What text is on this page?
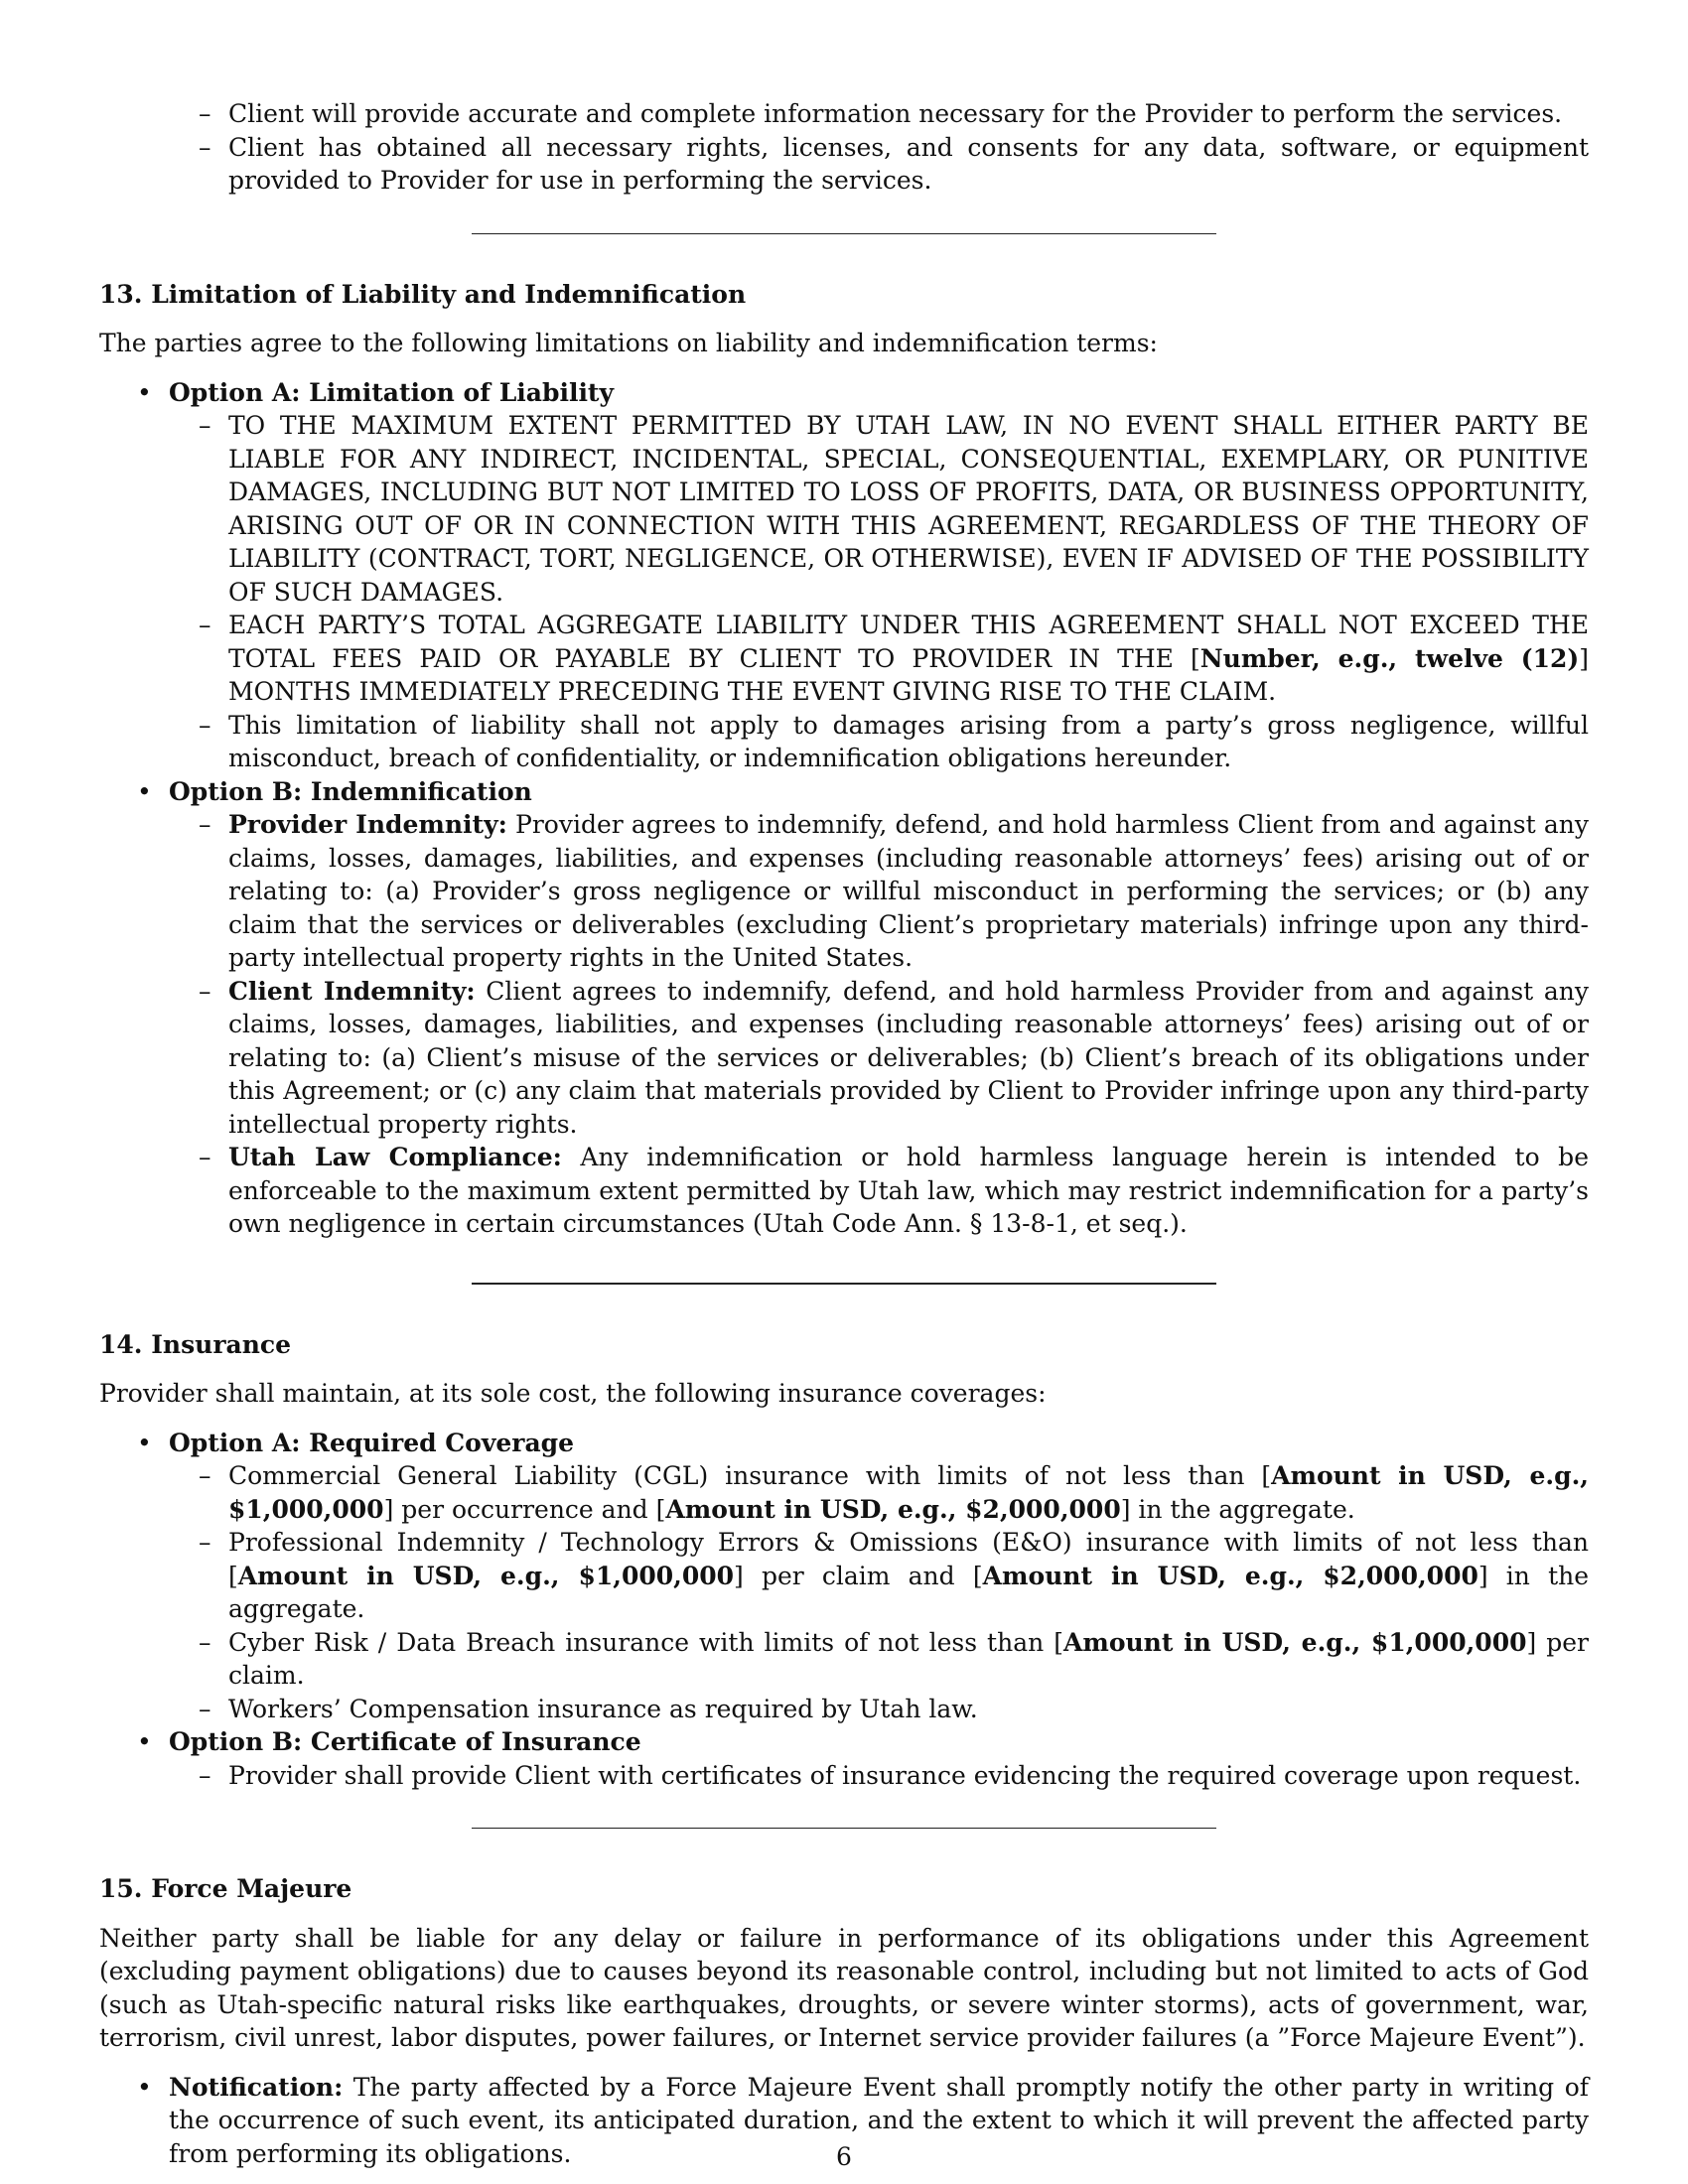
– Client will provide accurate and complete information necessary for the Provider to perform the services.
– Client has obtained all necessary rights, licenses, and consents for any data, software, or equipment provided to Provider for use in performing the services.
13. Limitation of Liability and Indemnification

The parties agree to the following limitations on liability and indemnification terms:

• Option A: Limitation of Liability
– TO THE MAXIMUM EXTENT PERMITTED BY UTAH LAW, IN NO EVENT SHALL EITHER PARTY BE LIABLE FOR ANY INDIRECT, INCIDENTAL, SPECIAL, CONSEQUENTIAL, EXEMPLARY, OR PUNITIVE DAMAGES, INCLUDING BUT NOT LIMITED TO LOSS OF PROFITS, DATA, OR BUSINESS OPPORTUNITY, ARISING OUT OF OR IN CONNECTION WITH THIS AGREEMENT, REGARDLESS OF THE THEORY OF LIABILITY (CONTRACT, TORT, NEGLIGENCE, OR OTHERWISE), EVEN IF ADVISED OF THE POSSIBILITY OF SUCH DAMAGES.
– EACH PARTY’S TOTAL AGGREGATE LIABILITY UNDER THIS AGREEMENT SHALL NOT EXCEED THE TOTAL FEES PAID OR PAYABLE BY CLIENT TO PROVIDER IN THE [Number, e.g., twelve (12)] MONTHS IMMEDIATELY PRECEDING THE EVENT GIVING RISE TO THE CLAIM.
– This limitation of liability shall not apply to damages arising from a party’s gross negligence, willful misconduct, breach of confidentiality, or indemnification obligations hereunder.
• Option B: Indemnification
– Provider Indemnity: Provider agrees to indemnify, defend, and hold harmless Client from and against any claims, losses, damages, liabilities, and expenses (including reasonable attorneys’ fees) arising out of or relating to: (a) Provider’s gross negligence or willful misconduct in performing the services; or (b) any claim that the services or deliverables (excluding Client’s proprietary materials) infringe upon any third-party intellectual property rights in the United States.
– Client Indemnity: Client agrees to indemnify, defend, and hold harmless Provider from and against any claims, losses, damages, liabilities, and expenses (including reasonable attorneys’ fees) arising out of or relating to: (a) Client’s misuse of the services or deliverables; (b) Client’s breach of its obligations under this Agreement; or (c) any claim that materials provided by Client to Provider infringe upon any third-party intellectual property rights.
– Utah Law Compliance: Any indemnification or hold harmless language herein is intended to be enforceable to the maximum extent permitted by Utah law, which may restrict indemnification for a party’s own negligence in certain circumstances (Utah Code Ann. § 13-8-1, et seq.).
14. Insurance

Provider shall maintain, at its sole cost, the following insurance coverages:

• Option A: Required Coverage
– Commercial General Liability (CGL) insurance with limits of not less than [Amount in USD, e.g., $1,000,000] per occurrence and [Amount in USD, e.g., $2,000,000] in the aggregate.
– Professional Indemnity / Technology Errors & Omissions (E&O) insurance with limits of not less than [Amount in USD, e.g., $1,000,000] per claim and [Amount in USD, e.g., $2,000,000] in the aggregate.
– Cyber Risk / Data Breach insurance with limits of not less than [Amount in USD, e.g., $1,000,000] per claim.
– Workers’ Compensation insurance as required by Utah law.
• Option B: Certificate of Insurance
– Provider shall provide Client with certificates of insurance evidencing the required coverage upon request.
15. Force Majeure

Neither party shall be liable for any delay or failure in performance of its obligations under this Agreement (excluding payment obligations) due to causes beyond its reasonable control, including but not limited to acts of God (such as Utah-specific natural risks like earthquakes, droughts, or severe winter storms), acts of government, war, terrorism, civil unrest, labor disputes, power failures, or Internet service provider failures (a ”Force Majeure Event”).

• Notification: The party affected by a Force Majeure Event shall promptly notify the other party in writing of the occurrence of such event, its anticipated duration, and the extent to which it will prevent the affected party from performing its obligations.	6
